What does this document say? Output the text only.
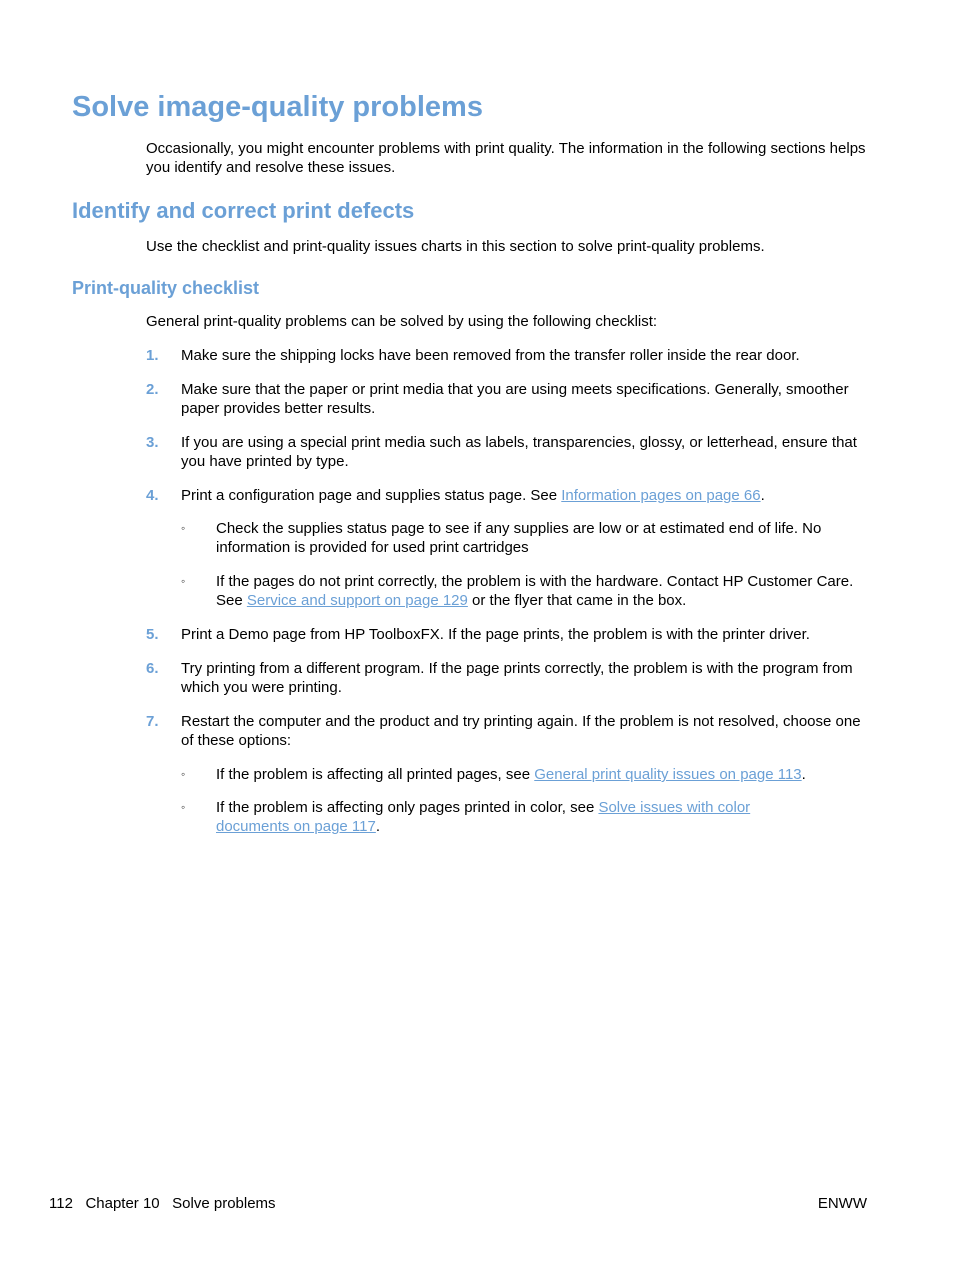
Solve image-quality problems

Occasionally, you might encounter problems with print quality. The information in the following sections helps you identify and resolve these issues.

Identify and correct print defects

Use the checklist and print-quality issues charts in this section to solve print-quality problems.

Print-quality checklist

General print-quality problems can be solved by using the following checklist:

1. Make sure the shipping locks have been removed from the transfer roller inside the rear door.

2. Make sure that the paper or print media that you are using meets specifications. Generally, smoother paper provides better results.

3. If you are using a special print media such as labels, transparencies, glossy, or letterhead, ensure that you have printed by type.

4. Print a configuration page and supplies status page. See Information pages on page 66.

◦ Check the supplies status page to see if any supplies are low or at estimated end of life. No information is provided for used print cartridges

◦ If the pages do not print correctly, the problem is with the hardware. Contact HP Customer Care. See Service and support on page 129 or the flyer that came in the box.

5. Print a Demo page from HP ToolboxFX. If the page prints, the problem is with the printer driver.

6. Try printing from a different program. If the page prints correctly, the problem is with the program from which you were printing.

7. Restart the computer and the product and try printing again. If the problem is not resolved, choose one of these options:

◦ If the problem is affecting all printed pages, see General print quality issues on page 113.

◦ If the problem is affecting only pages printed in color, see Solve issues with color documents on page 117.

112 Chapter 10 Solve problems	ENWW
